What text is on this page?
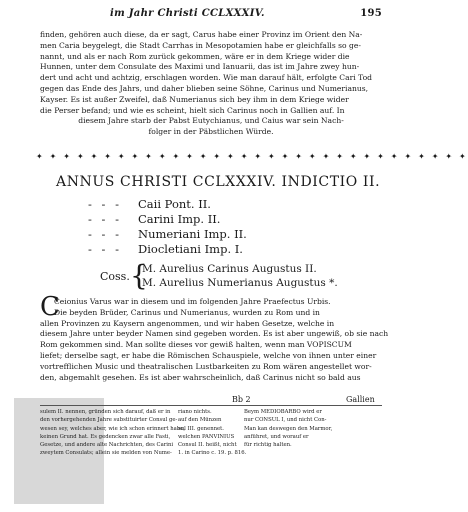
im Jahr Christi CCLXXXIV.	195
finden, gehören auch diese, da er sagt, Carus habe einer Provinz im Orient den Na-
men Caria beygelegt, die Stadt Carrhas in Mesopotamien habe er gleichfalls so ge-
nannt, und als er nach Rom zurück gekommen, wäre er in dem Kriege wider die
Hunnen, unter dem Consulate des Maximi und Ianuarii, das ist im Jahre zwey hun-
dert und acht und achtzig, erschlagen worden. Wie man darauf hält, erfolgte Cari Tod
gegen das Ende des Jahrs, und daher blieben seine Söhne, Carinus und Numerianus,
Kayser. Es ist außer Zweifel, daß Numerianus sich bey ihm in dem Kriege wider
die Perser befand; und wie es scheint, hielt sich Carinus noch in Gallien auf. In
diesem Jahre starb der Pabst Eutychianus, und Caius war sein Nach-
folger in der Päbstlichen Würde.
✦ ✦ ✦ ✦ ✦ ✦ ✦ ✦ ✦ ✦ ✦ ✦ ✦ ✦ ✦ ✦ ✦ ✦ ✦ ✦ ✦ ✦ ✦ ✦ ✦ ✦ ✦ ✦ ✦ ✦ ✦ ✦
ANNUS CHRISTI CCLXXXIV. INDICTIO II.
- - - Caii Pont. II.
- - - Carini Imp. II.
- - - Numeriani Imp. II.
- - - Diocletiani Imp. I.
Coss. {
M. Aurelius Carinus Augustus II.
M. Aurelius Numerianus Augustus *.
C
Ceionius Varus war in diesem und im folgenden Jahre Praefectus Urbis.
Die beyden Brüder, Carinus und Numerianus, wurden zu Rom und in
allen Provinzen zu Kaysern angenommen, und wir haben Gesetze, welche in
diesem Jahre unter beyder Namen sind gegeben worden. Es ist aber ungewiß, ob sie nach
Rom gekommen sind. Man sollte dieses vor gewiß halten, wenn man VOPISCUM
liefet; derselbe sagt, er habe die Römischen Schauspiele, welche von ihnen unter einer
vortrefflichen Music und theatralischen Lustbarkeiten zu Rom wären angestellet wor-
den, abgemahlt gesehen. Es ist aber wahrscheinlich, daß Carinus nicht so bald aus
Bb 2	Gallien
sulem II. nennen, gründen sich darauf, daß er in
den vorhergehenden Jahre substituirter Consul ge-
wesen sey, welches aber, wie ich schon erinnert habe,
keinen Grund hat. Es gedencken zwar alle Fasti,
Gesetze, und andere alte Nachrichten, des Carini
zweytem Consulats; allein sie melden von Nume-
riano nichts.
auf den Münzen
sul III. genennet.
welchen PANVINIUS
Consul II. heißt, nicht
1. in Carino c. 19. p. 816.
Beym MEDIOBARBO wird er
nur CONSUL I, und nicht Con-
Man kan deswegen den Marmor,
anführet, und worauf er
für richtig halten.
